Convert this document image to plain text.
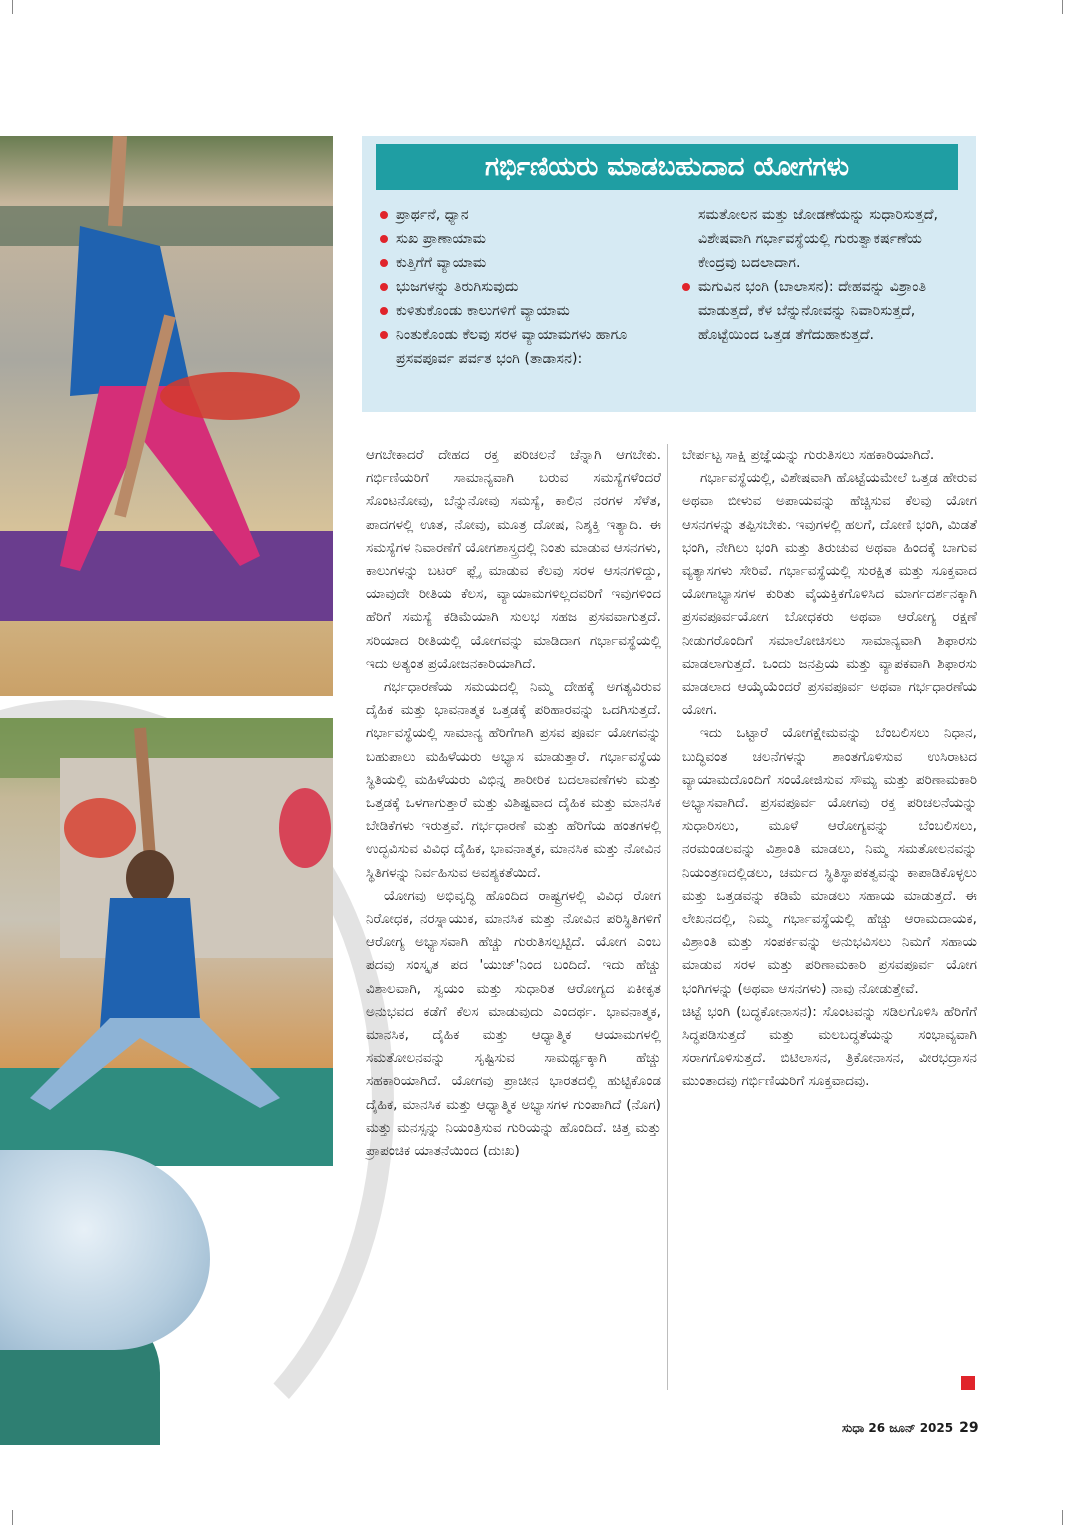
ಗರ್ಭಿಣಿಯರು ಮಾಡಬಹುದಾದ ಯೋಗಗಳು
ಪ್ರಾರ್ಥನೆ, ಧ್ಯಾನ
ಸುಖ ಪ್ರಾಣಾಯಾಮ
ಕುತ್ತಿಗೆಗೆ ವ್ಯಾಯಾಮ
ಭುಜಗಳನ್ನು ತಿರುಗಿಸುವುದು
ಕುಳಿತುಕೊಂಡು ಕಾಲುಗಳಿಗೆ ವ್ಯಾಯಾಮ
ನಿಂತುಕೊಂಡು ಕೆಲವು ಸರಳ ವ್ಯಾಯಾಮಗಳು ಹಾಗೂ ಪ್ರಸವಪೂರ್ವ ಪರ್ವತ ಭಂಗಿ (ತಾಡಾಸನ):
ಸಮತೋಲನ ಮತ್ತು ಜೋಡಣೆಯನ್ನು ಸುಧಾರಿಸುತ್ತದೆ, ವಿಶೇಷವಾಗಿ ಗರ್ಭಾವಸ್ಥೆಯಲ್ಲಿ ಗುರುತ್ವಾಕರ್ಷಣೆಯ ಕೇಂದ್ರವು ಬದಲಾದಾಗ.
ಮಗುವಿನ ಭಂಗಿ (ಬಾಲಾಸನ): ದೇಹವನ್ನು ವಿಶ್ರಾಂತಿ ಮಾಡುತ್ತದೆ, ಕೆಳ ಬೆನ್ನುನೋವನ್ನು ನಿವಾರಿಸುತ್ತದೆ, ಹೊಟ್ಟೆಯಿಂದ ಒತ್ತಡ ತೆಗೆದುಹಾಕುತ್ತದೆ.

ಆಗಬೇಕಾದರೆ ದೇಹದ ರಕ್ತ ಪರಿಚಲನೆ ಚೆನ್ನಾಗಿ ಆಗಬೇಕು. ಗರ್ಭಿಣಿಯರಿಗೆ ಸಾಮಾನ್ಯವಾಗಿ ಬರುವ ಸಮಸ್ಯೆಗಳೆಂದರೆ ಸೊಂಟನೋವು, ಬೆನ್ನುನೋವು ಸಮಸ್ಯೆ, ಕಾಲಿನ ನರಗಳ ಸೆಳೆತ, ಪಾದಗಳಲ್ಲಿ ಊತ, ನೋವು, ಮೂತ್ರ ದೋಷ, ನಿಶ್ಶಕ್ತಿ ಇತ್ಯಾದಿ. ಈ ಸಮಸ್ಯೆಗಳ ನಿವಾರಣೆಗೆ ಯೋಗಶಾಸ್ತ್ರದಲ್ಲಿ ನಿಂತು ಮಾಡುವ ಆಸನಗಳು, ಕಾಲುಗಳನ್ನು ಬಟರ್ ಫ್ಲೈ ಮಾಡುವ ಕೆಲವು ಸರಳ ಆಸನಗಳಿದ್ದು, ಯಾವುದೇ ರೀತಿಯ ಕೆಲಸ, ವ್ಯಾಯಾಮಗಳಿಲ್ಲದವರಿಗೆ ಇವುಗಳಿಂದ ಹೆರಿಗೆ ಸಮಸ್ಯೆ ಕಡಿಮೆಯಾಗಿ ಸುಲಭ ಸಹಜ ಪ್ರಸವವಾಗುತ್ತದೆ. ಸರಿಯಾದ ರೀತಿಯಲ್ಲಿ ಯೋಗವನ್ನು ಮಾಡಿದಾಗ ಗರ್ಭಾವಸ್ಥೆಯಲ್ಲಿ ಇದು ಅತ್ಯಂತ ಪ್ರಯೋಜನಕಾರಿಯಾಗಿದೆ.

ಗರ್ಭಧಾರಣೆಯ ಸಮಯದಲ್ಲಿ ನಿಮ್ಮ ದೇಹಕ್ಕೆ ಅಗತ್ಯವಿರುವ ದೈಹಿಕ ಮತ್ತು ಭಾವನಾತ್ಮಕ ಒತ್ತಡಕ್ಕೆ ಪರಿಹಾರವನ್ನು ಒದಗಿಸುತ್ತದೆ. ಗರ್ಭಾವಸ್ಥೆಯಲ್ಲಿ ಸಾಮಾನ್ಯ ಹೆರಿಗೆಗಾಗಿ ಪ್ರಸವ ಪೂರ್ವ ಯೋಗವನ್ನು ಬಹುಪಾಲು ಮಹಿಳೆಯರು ಅಭ್ಯಾಸ ಮಾಡುತ್ತಾರೆ. ಗರ್ಭಾವಸ್ಥೆಯ ಸ್ಥಿತಿಯಲ್ಲಿ ಮಹಿಳೆಯರು ವಿಭಿನ್ನ ಶಾರೀರಿಕ ಬದಲಾವಣೆಗಳು ಮತ್ತು ಒತ್ತಡಕ್ಕೆ ಒಳಗಾಗುತ್ತಾರೆ ಮತ್ತು ವಿಶಿಷ್ಟವಾದ ದೈಹಿಕ ಮತ್ತು ಮಾನಸಿಕ ಬೇಡಿಕೆಗಳು ಇರುತ್ತವೆ. ಗರ್ಭಧಾರಣೆ ಮತ್ತು ಹೆರಿಗೆಯ ಹಂತಗಳಲ್ಲಿ ಉದ್ಭವಿಸುವ ವಿವಿಧ ದೈಹಿಕ, ಭಾವನಾತ್ಮಕ, ಮಾನಸಿಕ ಮತ್ತು ನೋವಿನ ಸ್ಥಿತಿಗಳನ್ನು ನಿರ್ವಹಿಸುವ ಅವಶ್ಯಕತೆಯಿದೆ.

ಯೋಗವು ಅಭಿವೃದ್ಧಿ ಹೊಂದಿದ ರಾಷ್ಟ್ರಗಳಲ್ಲಿ ವಿವಿಧ ರೋಗ ನಿರೋಧಕ, ನರಸ್ನಾಯುಕ, ಮಾನಸಿಕ ಮತ್ತು ನೋವಿನ ಪರಿಸ್ಥಿತಿಗಳಿಗೆ ಆರೋಗ್ಯ ಅಭ್ಯಾಸವಾಗಿ ಹೆಚ್ಚು ಗುರುತಿಸಲ್ಪಟ್ಟಿದೆ. ಯೋಗ ಎಂಬ ಪದವು ಸಂಸ್ಕೃತ ಪದ 'ಯುಜ್'ನಿಂದ ಬಂದಿದೆ. ಇದು ಹೆಚ್ಚು ವಿಶಾಲವಾಗಿ, ಸ್ವಯಂ ಮತ್ತು ಸುಧಾರಿತ ಆರೋಗ್ಯದ ಏಕೀಕೃತ ಅನುಭವದ ಕಡೆಗೆ ಕೆಲಸ ಮಾಡುವುದು ಎಂದರ್ಥ. ಭಾವನಾತ್ಮಕ, ಮಾನಸಿಕ, ದೈಹಿಕ ಮತ್ತು ಆಧ್ಯಾತ್ಮಿಕ ಆಯಾಮಗಳಲ್ಲಿ ಸಮತೋಲನವನ್ನು ಸೃಷ್ಟಿಸುವ ಸಾಮರ್ಥ್ಯಕ್ಕಾಗಿ ಹೆಚ್ಚು ಸಹಕಾರಿಯಾಗಿದೆ. ಯೋಗವು ಪ್ರಾಚೀನ ಭಾರತದಲ್ಲಿ ಹುಟ್ಟಿಕೊಂಡ ದೈಹಿಕ, ಮಾನಸಿಕ ಮತ್ತು ಆಧ್ಯಾತ್ಮಿಕ ಅಭ್ಯಾಸಗಳ ಗುಂಪಾಗಿದೆ (ನೊಗ) ಮತ್ತು ಮನಸ್ಸನ್ನು ನಿಯಂತ್ರಿಸುವ ಗುರಿಯನ್ನು ಹೊಂದಿದೆ. ಚಿತ್ತ ಮತ್ತು ಪ್ರಾಪಂಚಿಕ ಯಾತನೆಯಿಂದ (ದುಃಖ)

ಬೇರ್ಪಟ್ಟ ಸಾಕ್ಷಿ ಪ್ರಜ್ಞೆಯನ್ನು ಗುರುತಿಸಲು ಸಹಕಾರಿಯಾಗಿದೆ.

ಗರ್ಭಾವಸ್ಥೆಯಲ್ಲಿ, ವಿಶೇಷವಾಗಿ ಹೊಟ್ಟೆಯಮೇಲೆ ಒತ್ತಡ ಹೇರುವ ಅಥವಾ ಬೀಳುವ ಅಪಾಯವನ್ನು ಹೆಚ್ಚಿಸುವ ಕೆಲವು ಯೋಗ ಆಸನಗಳನ್ನು ತಪ್ಪಿಸಬೇಕು. ಇವುಗಳಲ್ಲಿ ಹಲಗೆ, ದೋಣಿ ಭಂಗಿ, ಮಿಡತೆ ಭಂಗಿ, ನೇಗಿಲು ಭಂಗಿ ಮತ್ತು ತಿರುಚುವ ಅಥವಾ ಹಿಂದಕ್ಕೆ ಬಾಗುವ ವ್ಯತ್ಯಾಸಗಳು ಸೇರಿವೆ. ಗರ್ಭಾವಸ್ಥೆಯಲ್ಲಿ ಸುರಕ್ಷಿತ ಮತ್ತು ಸೂಕ್ತವಾದ ಯೋಗಾಭ್ಯಾಸಗಳ ಕುರಿತು ವೈಯಕ್ತಿಕಗೊಳಿಸಿದ ಮಾರ್ಗದರ್ಶನಕ್ಕಾಗಿ ಪ್ರಸವಪೂರ್ವಯೋಗ ಬೋಧಕರು ಅಥವಾ ಆರೋಗ್ಯ ರಕ್ಷಣೆ ನೀಡುಗರೊಂದಿಗೆ ಸಮಾಲೋಚಿಸಲು ಸಾಮಾನ್ಯವಾಗಿ ಶಿಫಾರಸು ಮಾಡಲಾಗುತ್ತದೆ. ಒಂದು ಜನಪ್ರಿಯ ಮತ್ತು ವ್ಯಾಪಕವಾಗಿ ಶಿಫಾರಸು ಮಾಡಲಾದ ಆಯ್ಕೆಯೆಂದರೆ ಪ್ರಸವಪೂರ್ವ ಅಥವಾ ಗರ್ಭಧಾರಣೆಯ ಯೋಗ.

ಇದು ಒಟ್ಟಾರೆ ಯೋಗಕ್ಷೇಮವನ್ನು ಬೆಂಬಲಿಸಲು ನಿಧಾನ, ಬುದ್ಧಿವಂತ ಚಲನೆಗಳನ್ನು ಶಾಂತಗೊಳಿಸುವ ಉಸಿರಾಟದ ವ್ಯಾಯಾಮದೊಂದಿಗೆ ಸಂಯೋಜಿಸುವ ಸೌಮ್ಯ ಮತ್ತು ಪರಿಣಾಮಕಾರಿ ಅಭ್ಯಾಸವಾಗಿದೆ. ಪ್ರಸವಪೂರ್ವ ಯೋಗವು ರಕ್ತ ಪರಿಚಲನೆಯನ್ನು ಸುಧಾರಿಸಲು, ಮೂಳೆ ಆರೋಗ್ಯವನ್ನು ಬೆಂಬಲಿಸಲು, ನರಮಂಡಲವನ್ನು ವಿಶ್ರಾಂತಿ ಮಾಡಲು, ನಿಮ್ಮ ಸಮತೋಲನವನ್ನು ನಿಯಂತ್ರಣದಲ್ಲಿಡಲು, ಚರ್ಮದ ಸ್ಥಿತಿಸ್ಥಾಪಕತ್ವವನ್ನು ಕಾಪಾಡಿಕೊಳ್ಳಲು ಮತ್ತು ಒತ್ತಡವನ್ನು ಕಡಿಮೆ ಮಾಡಲು ಸಹಾಯ ಮಾಡುತ್ತದೆ. ಈ ಲೇಖನದಲ್ಲಿ, ನಿಮ್ಮ ಗರ್ಭಾವಸ್ಥೆಯಲ್ಲಿ ಹೆಚ್ಚು ಆರಾಮದಾಯಕ, ವಿಶ್ರಾಂತಿ ಮತ್ತು ಸಂಪರ್ಕವನ್ನು ಅನುಭವಿಸಲು ನಿಮಗೆ ಸಹಾಯ ಮಾಡುವ ಸರಳ ಮತ್ತು ಪರಿಣಾಮಕಾರಿ ಪ್ರಸವಪೂರ್ವ ಯೋಗ ಭಂಗಿಗಳನ್ನು (ಅಥವಾ ಆಸನಗಳು) ನಾವು ನೋಡುತ್ತೇವೆ.

ಚಿಟ್ಟೆ ಭಂಗಿ (ಬದ್ಧಕೋನಾಸನ): ಸೊಂಟವನ್ನು ಸಡಿಲಗೊಳಿಸಿ ಹೆರಿಗೆಗೆ ಸಿದ್ಧಪಡಿಸುತ್ತದೆ ಮತ್ತು ಮಲಬದ್ಧತೆಯನ್ನು ಸಂಭಾವ್ಯವಾಗಿ ಸರಾಗಗೊಳಿಸುತ್ತದೆ. ಬಿಟಿಲಾಸನ, ತ್ರಿಕೋನಾಸನ, ವೀರಭದ್ರಾಸನ ಮುಂತಾದವು ಗರ್ಭಿಣಿಯರಿಗೆ ಸೂಕ್ತವಾದವು.

ಸುಧಾ 26 ಜೂನ್ 2025 29
